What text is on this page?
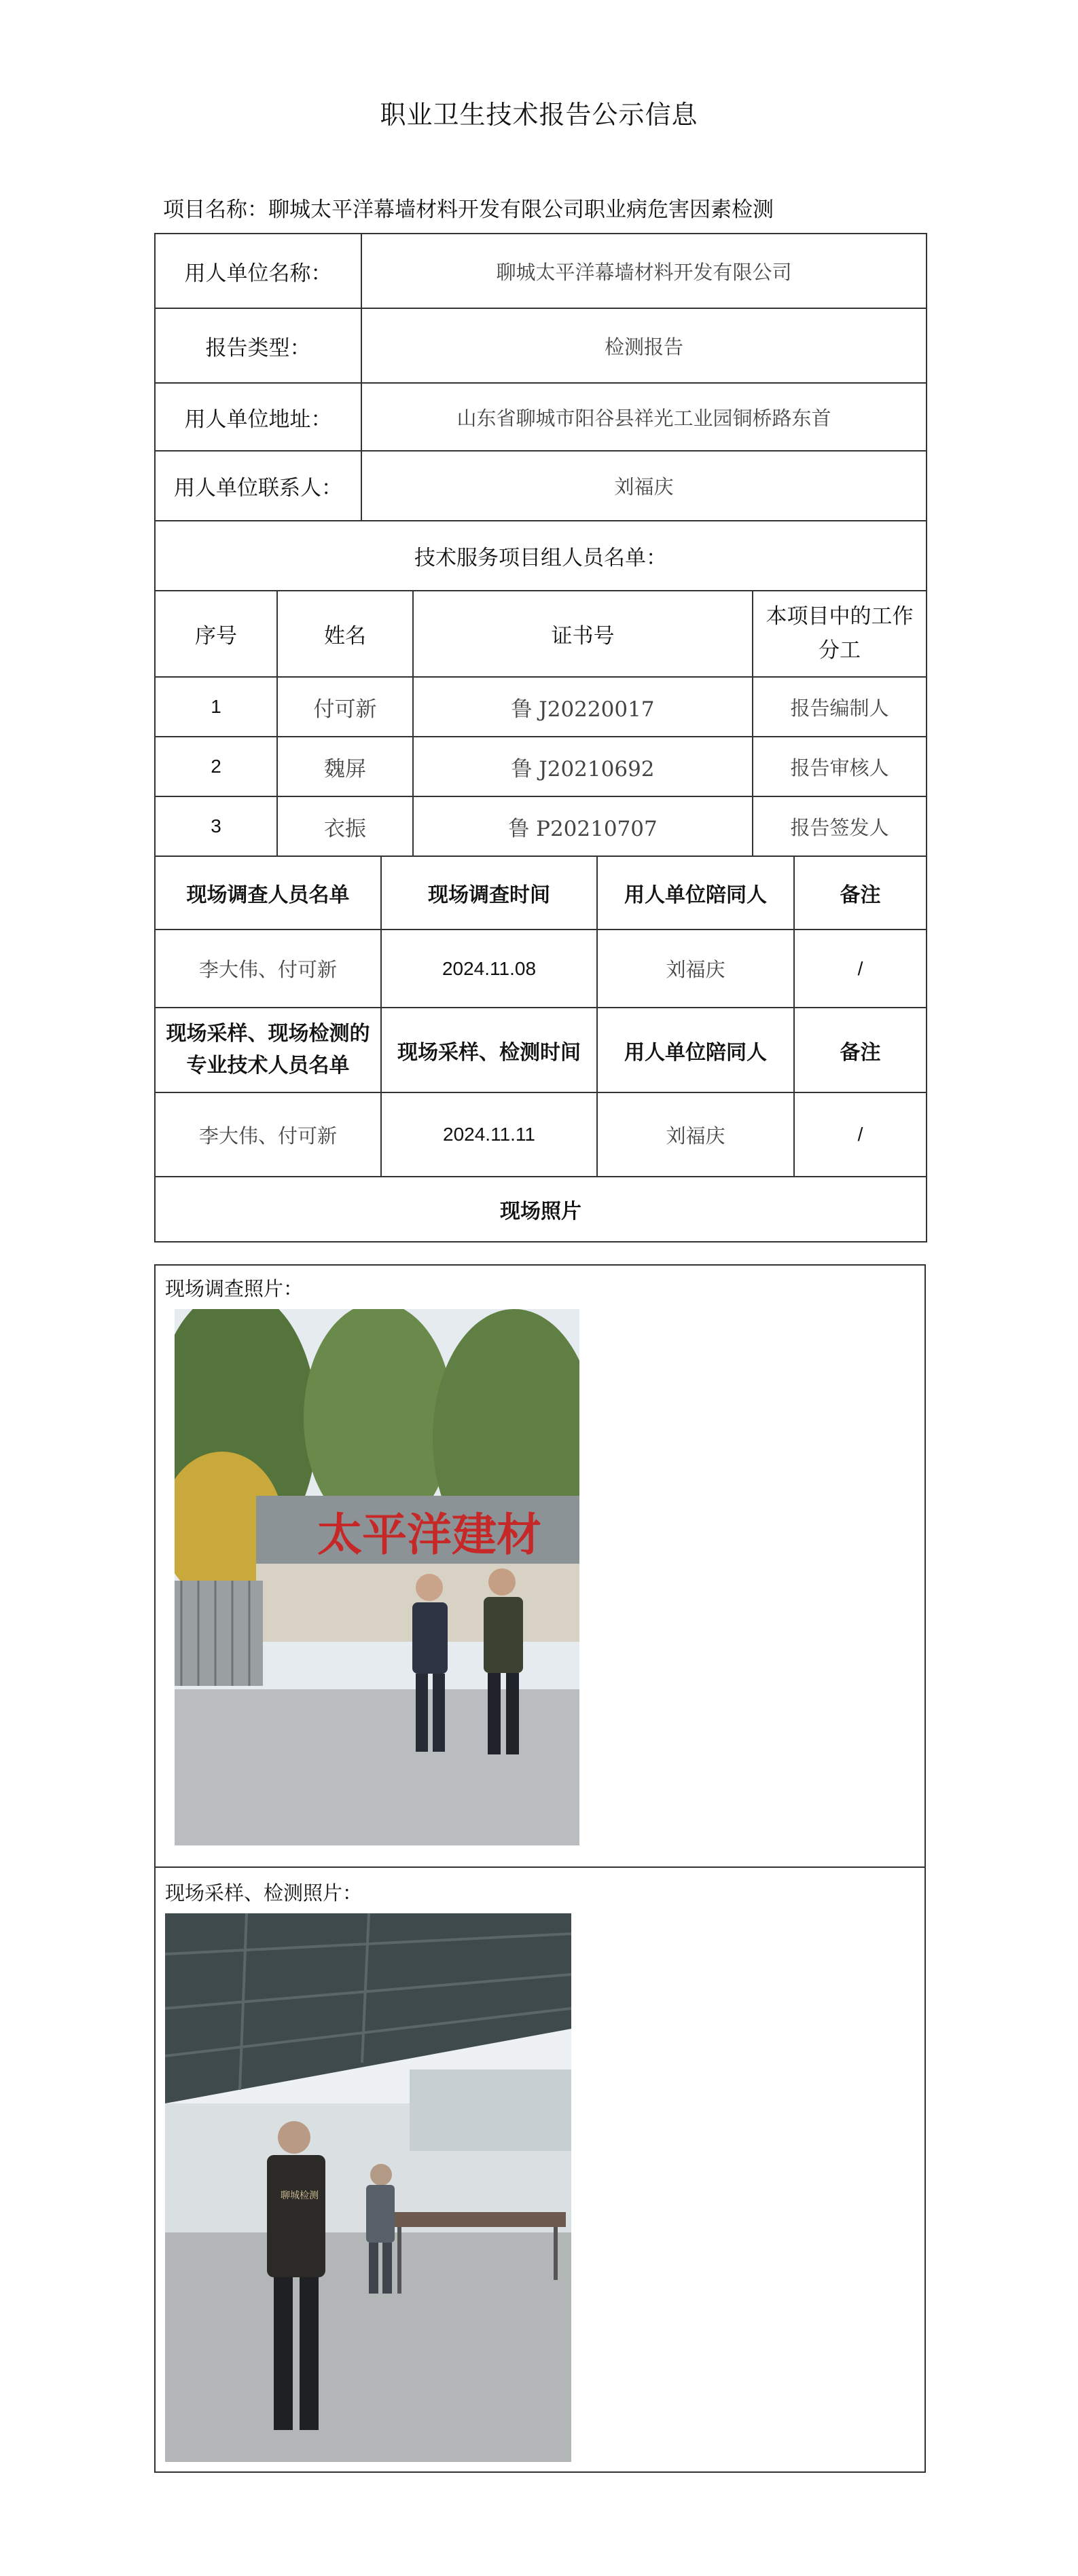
职业卫生技术报告公示信息
项目名称：聊城太平洋幕墙材料开发有限公司职业病危害因素检测
用人单位名称：	聊城太平洋幕墙材料开发有限公司
报告类型：	检测报告
用人单位地址：	山东省聊城市阳谷县祥光工业园铜桥路东首
用人单位联系人：	刘福庆
技术服务项目组人员名单：			
序号	姓名	证书号	本项目中的工作分工
1	付可新	鲁 J20220017	报告编制人
2	魏屏	鲁 J20210692	报告审核人
3	衣振	鲁 P20210707	报告签发人
现场调查人员名单	现场调查时间	用人单位陪同人	备注
李大伟、付可新	2024.11.08	刘福庆	/
现场采样、现场检测的专业技术人员名单	现场采样、检测时间	用人单位陪同人	备注
李大伟、付可新	2024.11.11	刘福庆	/
现场照片			
现场调查照片：
太平洋建材
现场采样、检测照片：
聊城检测
